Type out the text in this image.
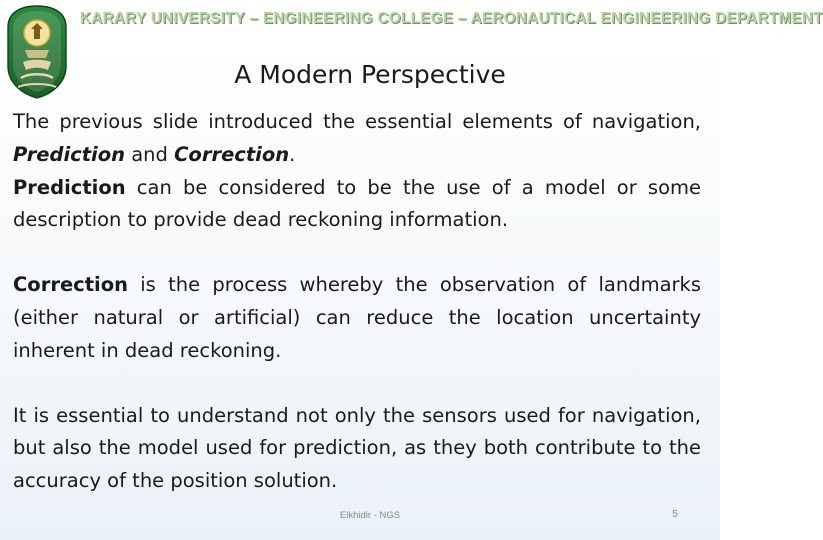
KARARY UNIVERSITY – ENGINEERING COLLEGE – AERONAUTICAL ENGINEERING DEPARTMENT
A Modern Perspective

The previous slide introduced the essential elements of navigation, Prediction and Correction.

Prediction can be considered to be the use of a model or some description to provide dead reckoning information.

Correction is the process whereby the observation of landmarks (either natural or artificial) can reduce the location uncertainty inherent in dead reckoning.

It is essential to understand not only the sensors used for navigation, but also the model used for prediction, as they both contribute to the accuracy of the position solution.

Elkhidir - NGS	5
